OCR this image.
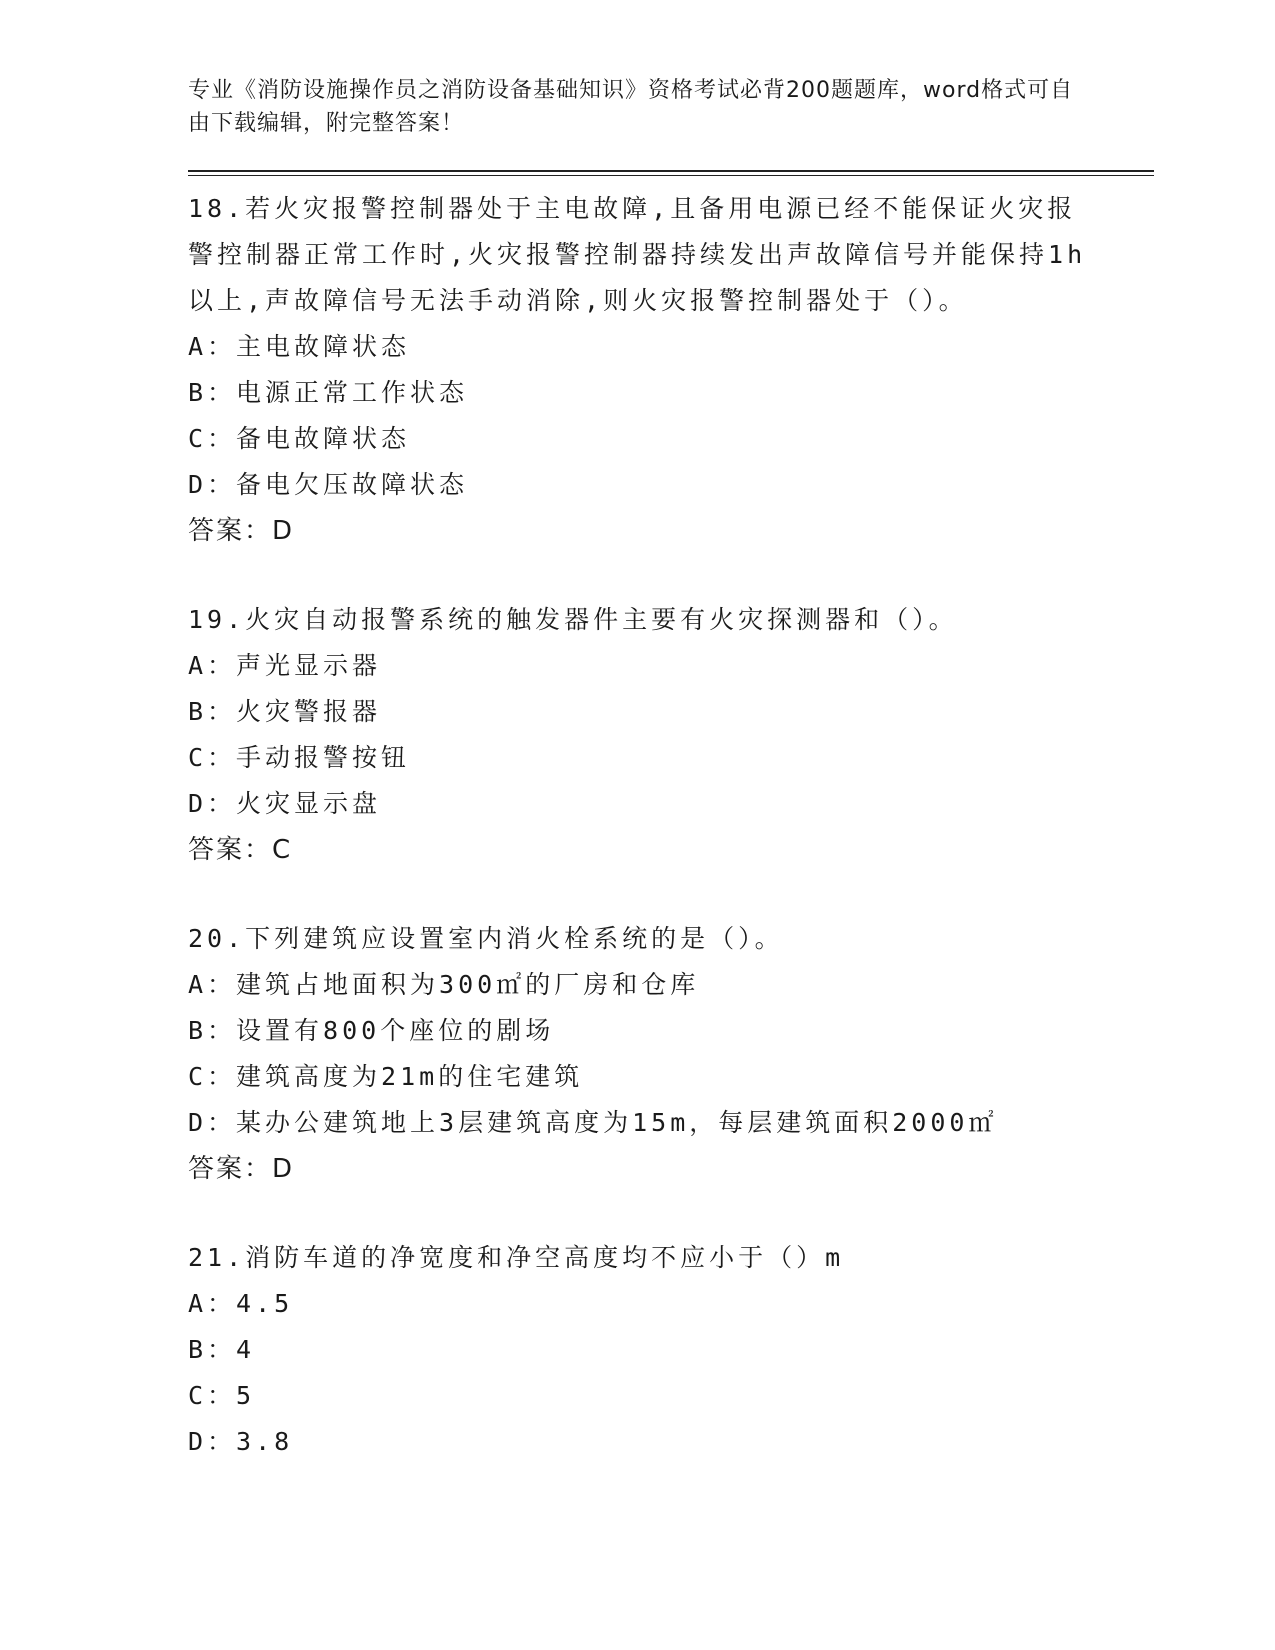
专业《消防设施操作员之消防设备基础知识》资格考试必背200题题库，word格式可自由下载编辑，附完整答案！

18.若火灾报警控制器处于主电故障,且备用电源已经不能保证火灾报警控制器正常工作时,火灾报警控制器持续发出声故障信号并能保持1h以上,声故障信号无法手动消除,则火灾报警控制器处于（）。

A：主电故障状态
B：电源正常工作状态
C：备电故障状态
D：备电欠压故障状态
答案：D

19.火灾自动报警系统的触发器件主要有火灾探测器和（）。

A：声光显示器
B：火灾警报器
C：手动报警按钮
D：火灾显示盘
答案：C

20.下列建筑应设置室内消火栓系统的是（）。

A：建筑占地面积为300㎡的厂房和仓库
B：设置有800个座位的剧场
C：建筑高度为21m的住宅建筑
D：某办公建筑地上3层建筑高度为15m，每层建筑面积2000㎡
答案：D

21.消防车道的净宽度和净空高度均不应小于（）m

A：4.5
B：4
C：5
D：3.8
